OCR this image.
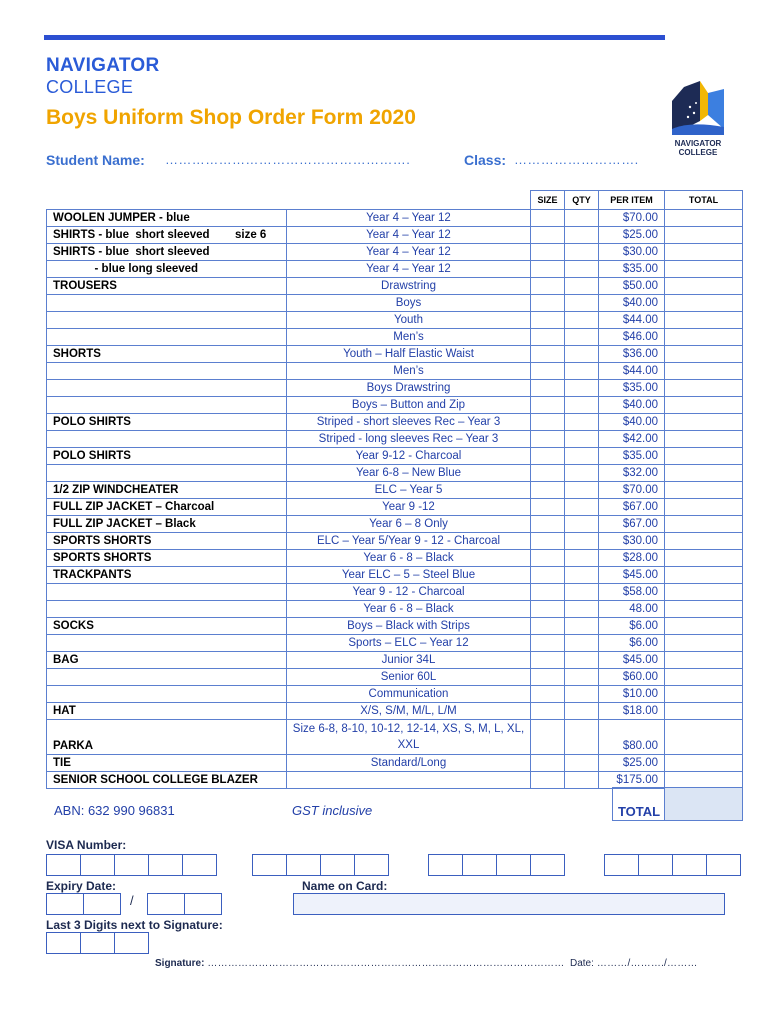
NAVIGATOR
COLLEGE
Boys Uniform Shop Order Form 2020
NAVIGATOR
COLLEGE
Student Name: ……………………………………………….	Class: ……………………….
		SIZE	QTY	PER ITEM	TOTAL
WOOLEN JUMPER - blue	Year 4 – Year 12			$70.00	
SHIRTS - blue  short sleeved size 6	Year 4 – Year 12			$25.00	
SHIRTS - blue  short sleeved	Year 4 – Year 12			$30.00	
- blue long sleeved	Year 4 – Year 12			$35.00	
TROUSERS	Drawstring			$50.00	
	Boys			$40.00	
	Youth			$44.00	
	Men’s			$46.00	
SHORTS	Youth – Half Elastic Waist			$36.00	
	Men’s			$44.00	
	Boys Drawstring			$35.00	
	Boys – Button and Zip			$40.00	
POLO SHIRTS	Striped - short sleeves Rec – Year 3			$40.00	
	Striped - long sleeves Rec – Year 3			$42.00	
POLO SHIRTS	Year 9-12 - Charcoal			$35.00	
	Year 6-8 – New Blue			$32.00	
1/2 ZIP WINDCHEATER	ELC – Year 5			$70.00	
FULL ZIP JACKET – Charcoal	Year 9 -12			$67.00	
FULL ZIP JACKET – Black	Year 6 – 8 Only			$67.00	
SPORTS SHORTS	ELC – Year 5/Year 9 - 12 - Charcoal			$30.00	
SPORTS SHORTS	Year 6 - 8 – Black			$28.00	
TRACKPANTS	Year ELC – 5 – Steel Blue			$45.00	
	Year 9 - 12 - Charcoal			$58.00	
	Year 6 - 8 – Black			48.00	
SOCKS	Boys – Black with Strips			$6.00	
	Sports – ELC – Year 12			$6.00	
BAG	Junior 34L			$45.00	
	Senior 60L			$60.00	
	Communication			$10.00	
HAT	X/S, S/M, M/L, L/M			$18.00	
PARKA	Size 6-8, 8-10, 10-12, 12-14, XS, S, M, L, XL, XXL			$80.00	
TIE	Standard/Long			$25.00	
SENIOR SCHOOL COLLEGE BLAZER				$175.00	
ABN: 632 990 96831	GST inclusive	TOTAL
VISA Number:
Expiry Date:
/
Name on Card:
Last 3 Digits next to Signature:
Signature: …………………………………………………………………………………………… Date: ………/………./………
